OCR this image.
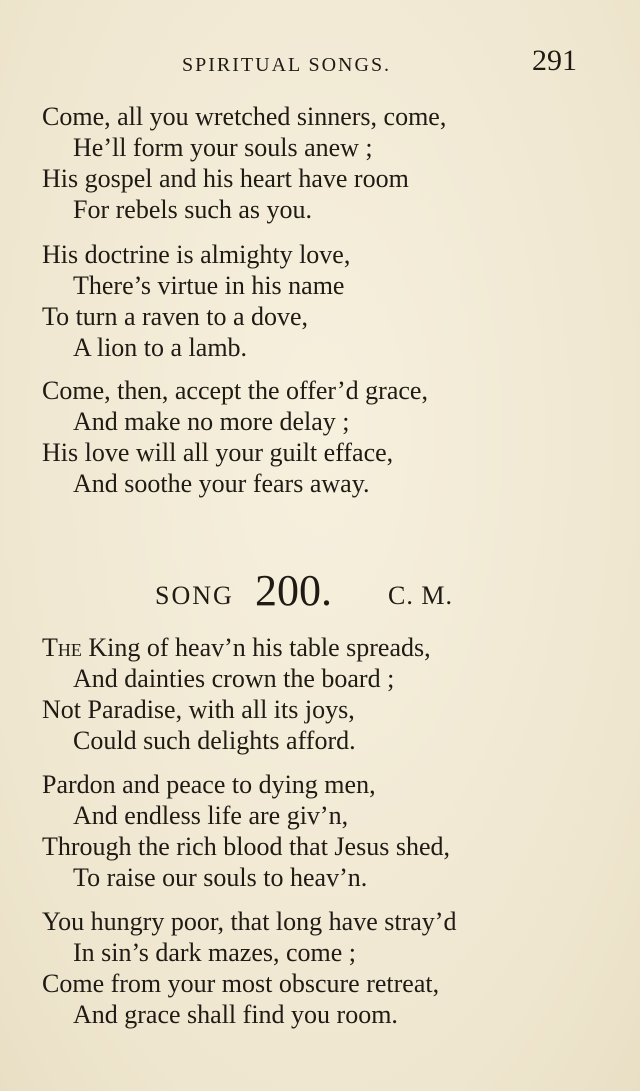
SPIRITUAL SONGS.	291
Come, all you wretched sinners, come,
He’ll form your souls anew ;
His gospel and his heart have room
For rebels such as you.
His doctrine is almighty love,
There’s virtue in his name
To turn a raven to a dove,
A lion to a lamb.
Come, then, accept the offer’d grace,
And make no more delay ;
His love will all your guilt efface,
And soothe your fears away.
SONG 200. C. M.
The King of heav’n his table spreads,
And dainties crown the board ;
Not Paradise, with all its joys,
Could such delights afford.
Pardon and peace to dying men,
And endless life are giv’n,
Through the rich blood that Jesus shed,
To raise our souls to heav’n.
You hungry poor, that long have stray’d
In sin’s dark mazes, come ;
Come from your most obscure retreat,
And grace shall find you room.
